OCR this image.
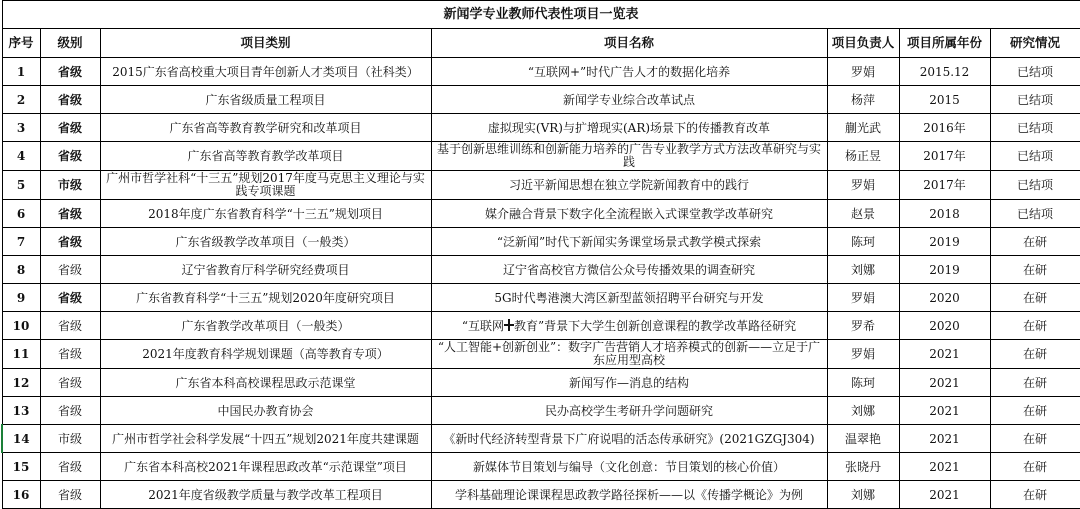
新闻学专业教师代表性项目一览表						
序号	级别	项目类别	项目名称	项目负责人	项目所属年份	研究情况
1	省级	2015广东省高校重大项目青年创新人才类项目（社科类）	“互联网+”时代广告人才的数据化培养	罗娟	2015.12	已结项
2	省级	广东省级质量工程项目	新闻学专业综合改革试点	杨萍	2015	已结项
3	省级	广东省高等教育教学研究和改革项目	虚拟现实(VR)与扩增现实(AR)场景下的传播教育改革	蒯光武	2016年	已结项
4	省级	广东省高等教育教学改革项目	基于创新思维训练和创新能力培养的广告专业教学方式方法改革研究与实践	杨正昱	2017年	已结项
5	市级	广州市哲学社科“十三五”规划2017年度马克思主义理论与实践专项课题	习近平新闻思想在独立学院新闻教育中的践行	罗娟	2017年	已结项
6	省级	2018年度广东省教育科学“十三五”规划项目	媒介融合背景下数字化全流程嵌入式课堂教学改革研究	赵景	2018	已结项
7	省级	广东省级教学改革项目（一般类）	“泛新闻”时代下新闻实务课堂场景式教学模式探索	陈珂	2019	在研
8	省级	辽宁省教育厅科学研究经费项目	辽宁省高校官方微信公众号传播效果的调查研究	刘娜	2019	在研
9	省级	广东省教育科学“十三五”规划2020年度研究项目	5G时代粤港澳大湾区新型蓝领招聘平台研究与开发	罗娟	2020	在研
10	省级	广东省教学改革项目（一般类）	“互联网 教育”背景下大学生创新创意课程的教学改革路径研究	罗希	2020	在研
11	省级	2021年度教育科学规划课题（高等教育专项）	“人工智能+创新创业”：数字广告营销人才培养模式的创新——立足于广东应用型高校	罗娟	2021	在研
12	省级	广东省本科高校课程思政示范课堂	新闻写作—消息的结构	陈珂	2021	在研
13	省级	中国民办教育协会	民办高校学生考研升学问题研究	刘娜	2021	在研
14	市级	广州市哲学社会科学发展“十四五”规划2021年度共建课题	《新时代经济转型背景下广府说唱的活态传承研究》(2021GZGJ304)	温翠艳	2021	在研
15	省级	广东省本科高校2021年课程思政改革“示范课堂”项目	新媒体节目策划与编导（文化创意：节目策划的核心价值）	张晓丹	2021	在研
16	省级	2021年度省级教学质量与教学改革工程项目	学科基础理论课课程思政教学路径探析——以《传播学概论》为例	刘娜	2021	在研
